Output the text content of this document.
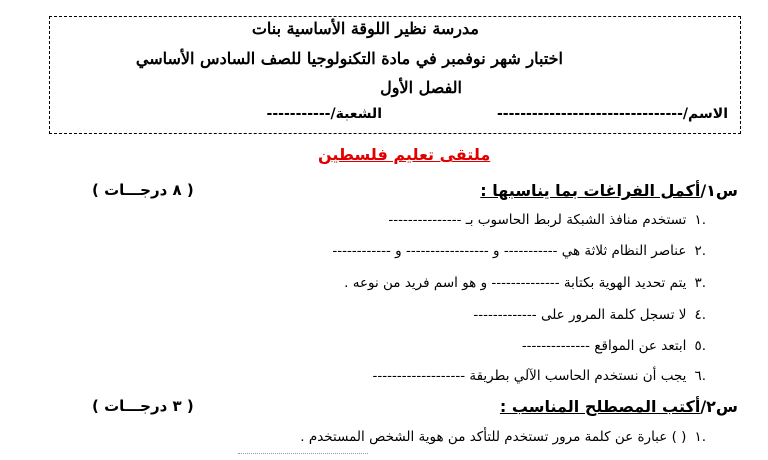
مدرسة نظير اللوقة الأساسية بنات
اختبار شهر نوفمبر في مادة التكنولوجيا للصف السادس الأساسي
الفصل الأول
الاسم/--------------------------------
الشعبة/-----------
ملتقى تعليم فلسطين
س١/أكمل الفراغات بما يناسبها :
( ٨ درجـــات )
.١تستخدم منافذ الشبكة لربط الحاسوب بـ ---------------
.٢عناصر النظام ثلاثة هي ----------- و ----------------- و ------------
.٣يتم تحديد الهوية بكتابة -------------- و هو اسم فريد من نوعه .
.٤لا تسجل كلمة المرور على -------------
.٥ابتعد عن المواقع --------------
.٦يجب أن نستخدم الحاسب الآلي بطريقة -------------------
س٢/أكتب المصطلح المناسب :
( ٣ درجـــات )
.١( ) عبارة عن كلمة مرور تستخدم للتأكد من هوية الشخص المستخدم .
